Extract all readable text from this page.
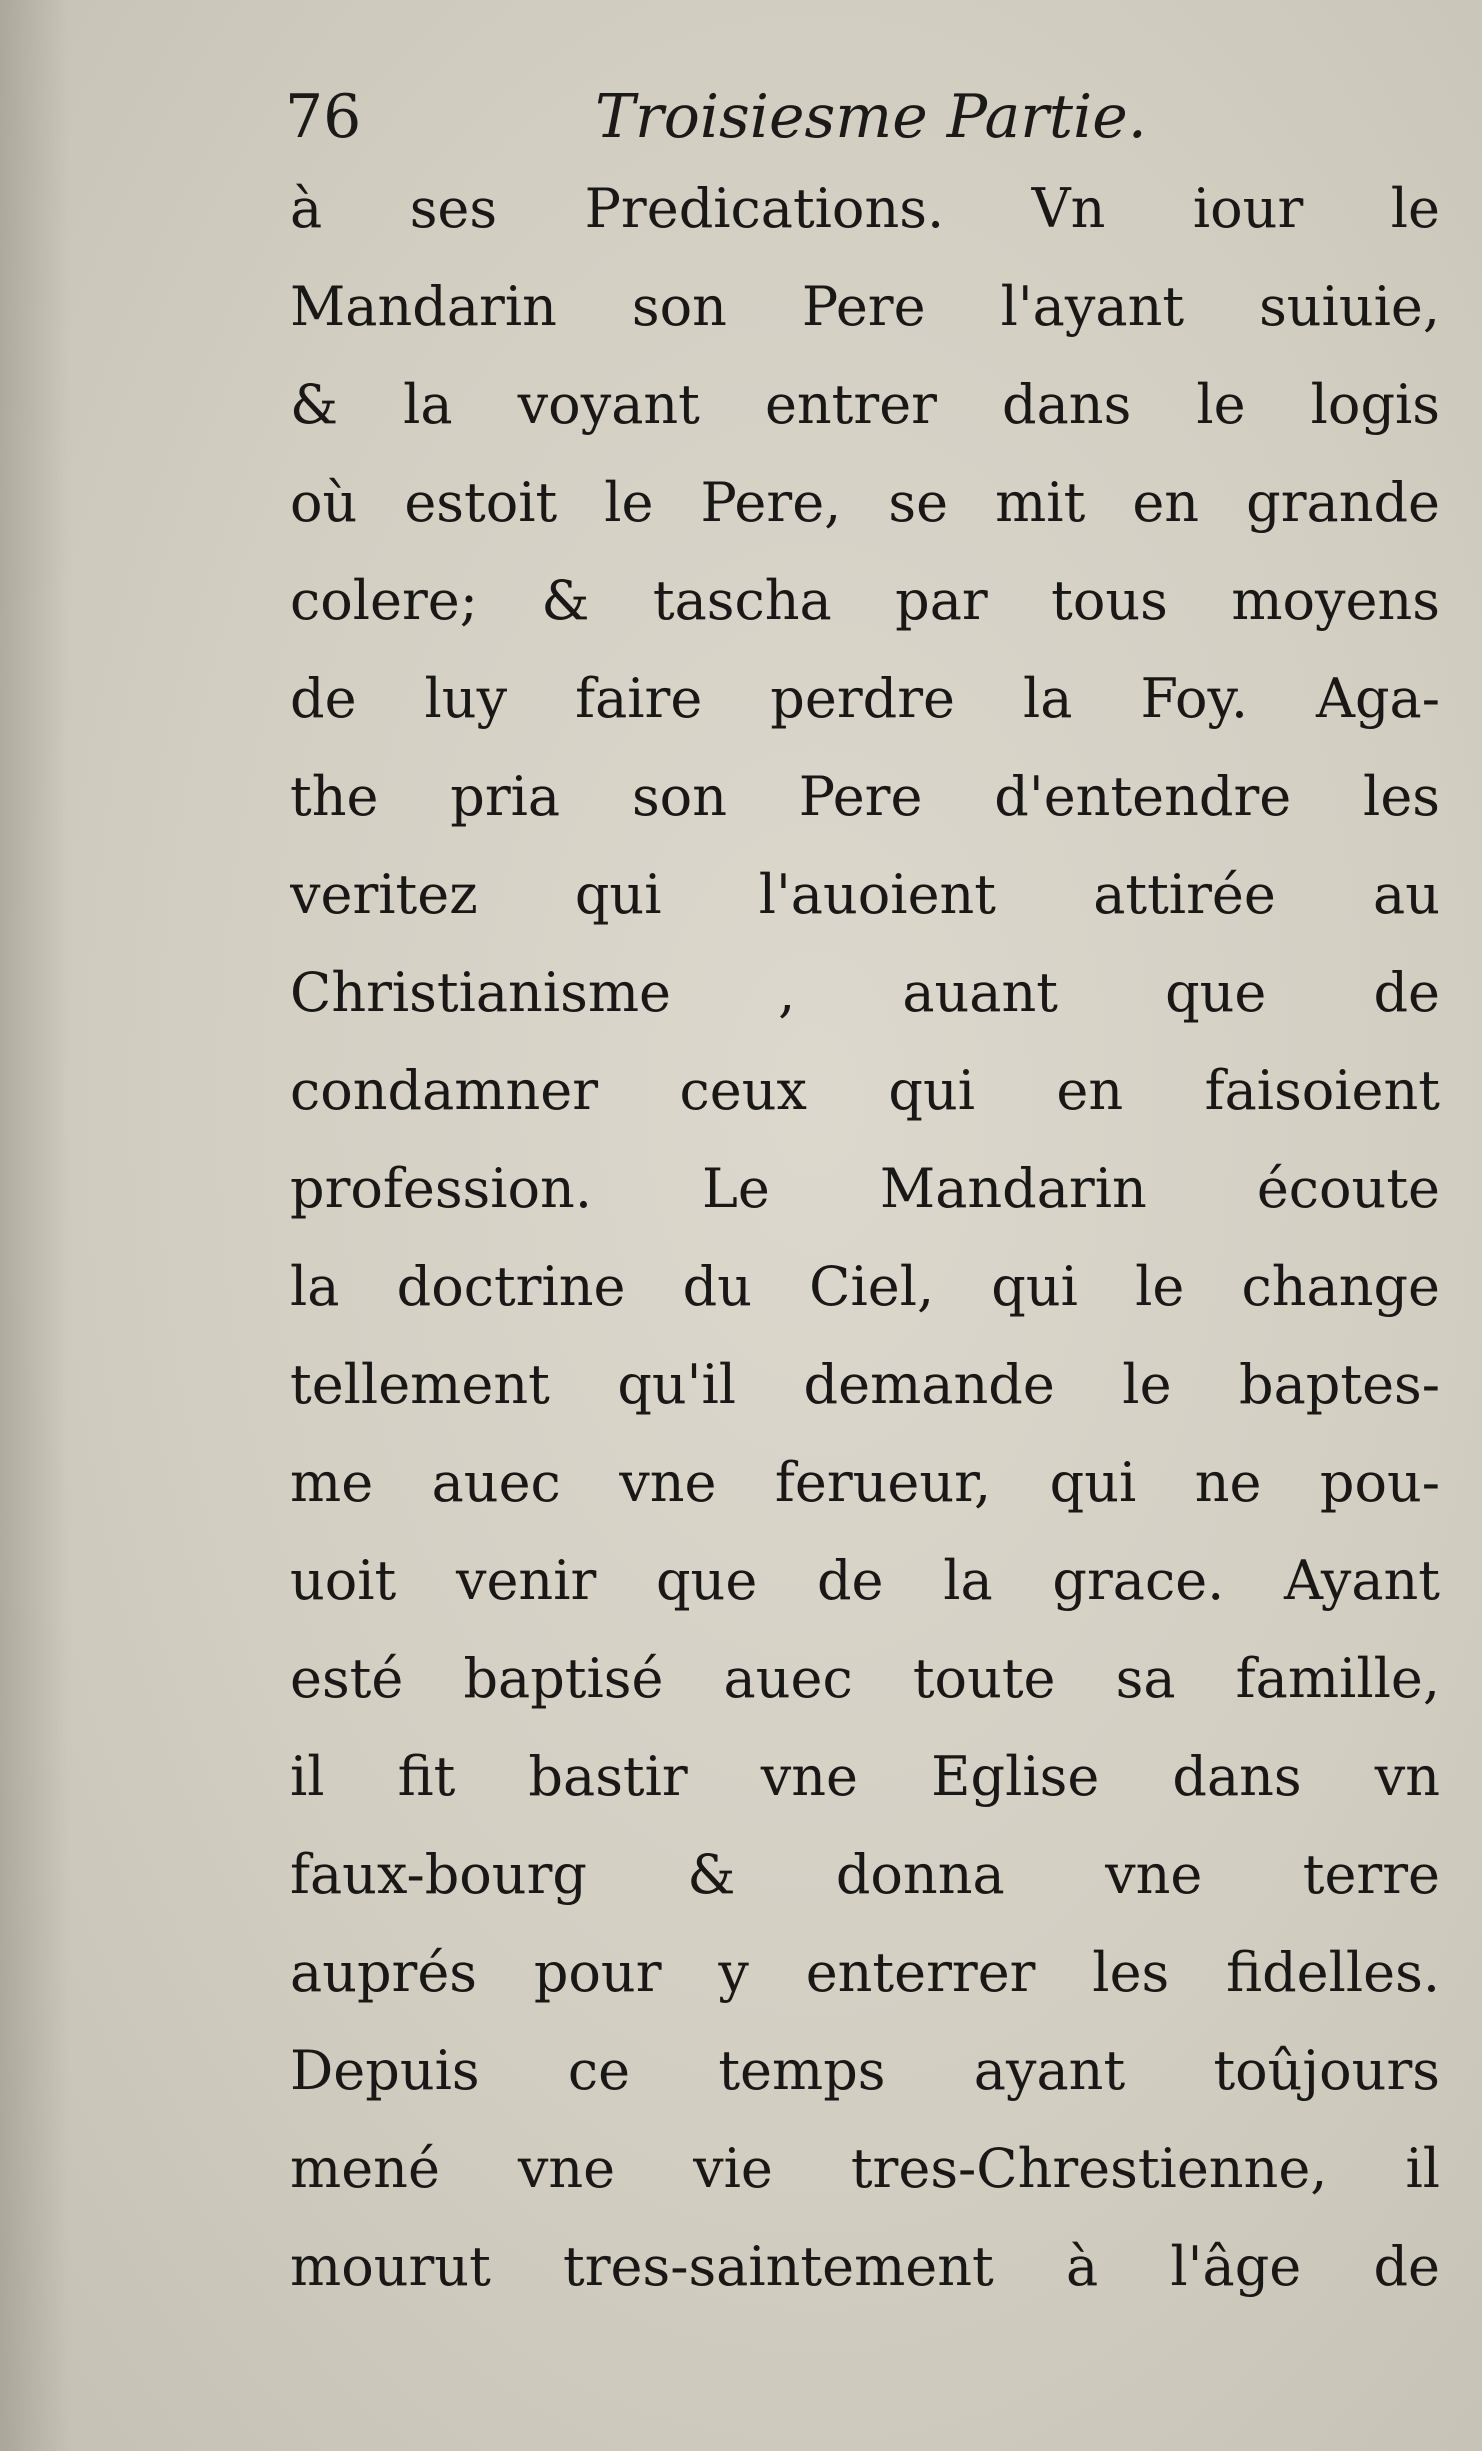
76	Troisiesme Partie.
à ses Predications. Vn iour le
Mandarin son Pere l'ayant suiuie,
& la voyant entrer dans le logis
où estoit le Pere, se mit en grande
colere; & tascha par tous moyens
de luy faire perdre la Foy. Aga-
the pria son Pere d'entendre les
veritez qui l'auoient attirée au
Christianisme , auant que de
condamner ceux qui en faisoient
profession. Le Mandarin écoute
la doctrine du Ciel, qui le change
tellement qu'il demande le baptes-
me auec vne ferueur, qui ne pou-
uoit venir que de la grace. Ayant
esté baptisé auec toute sa famille,
il fit bastir vne Eglise dans vn
faux-bourg & donna vne terre
auprés pour y enterrer les fidelles.
Depuis ce temps ayant toûjours
mené vne vie tres-Chrestienne, il
mourut tres-saintement à l'âge de
